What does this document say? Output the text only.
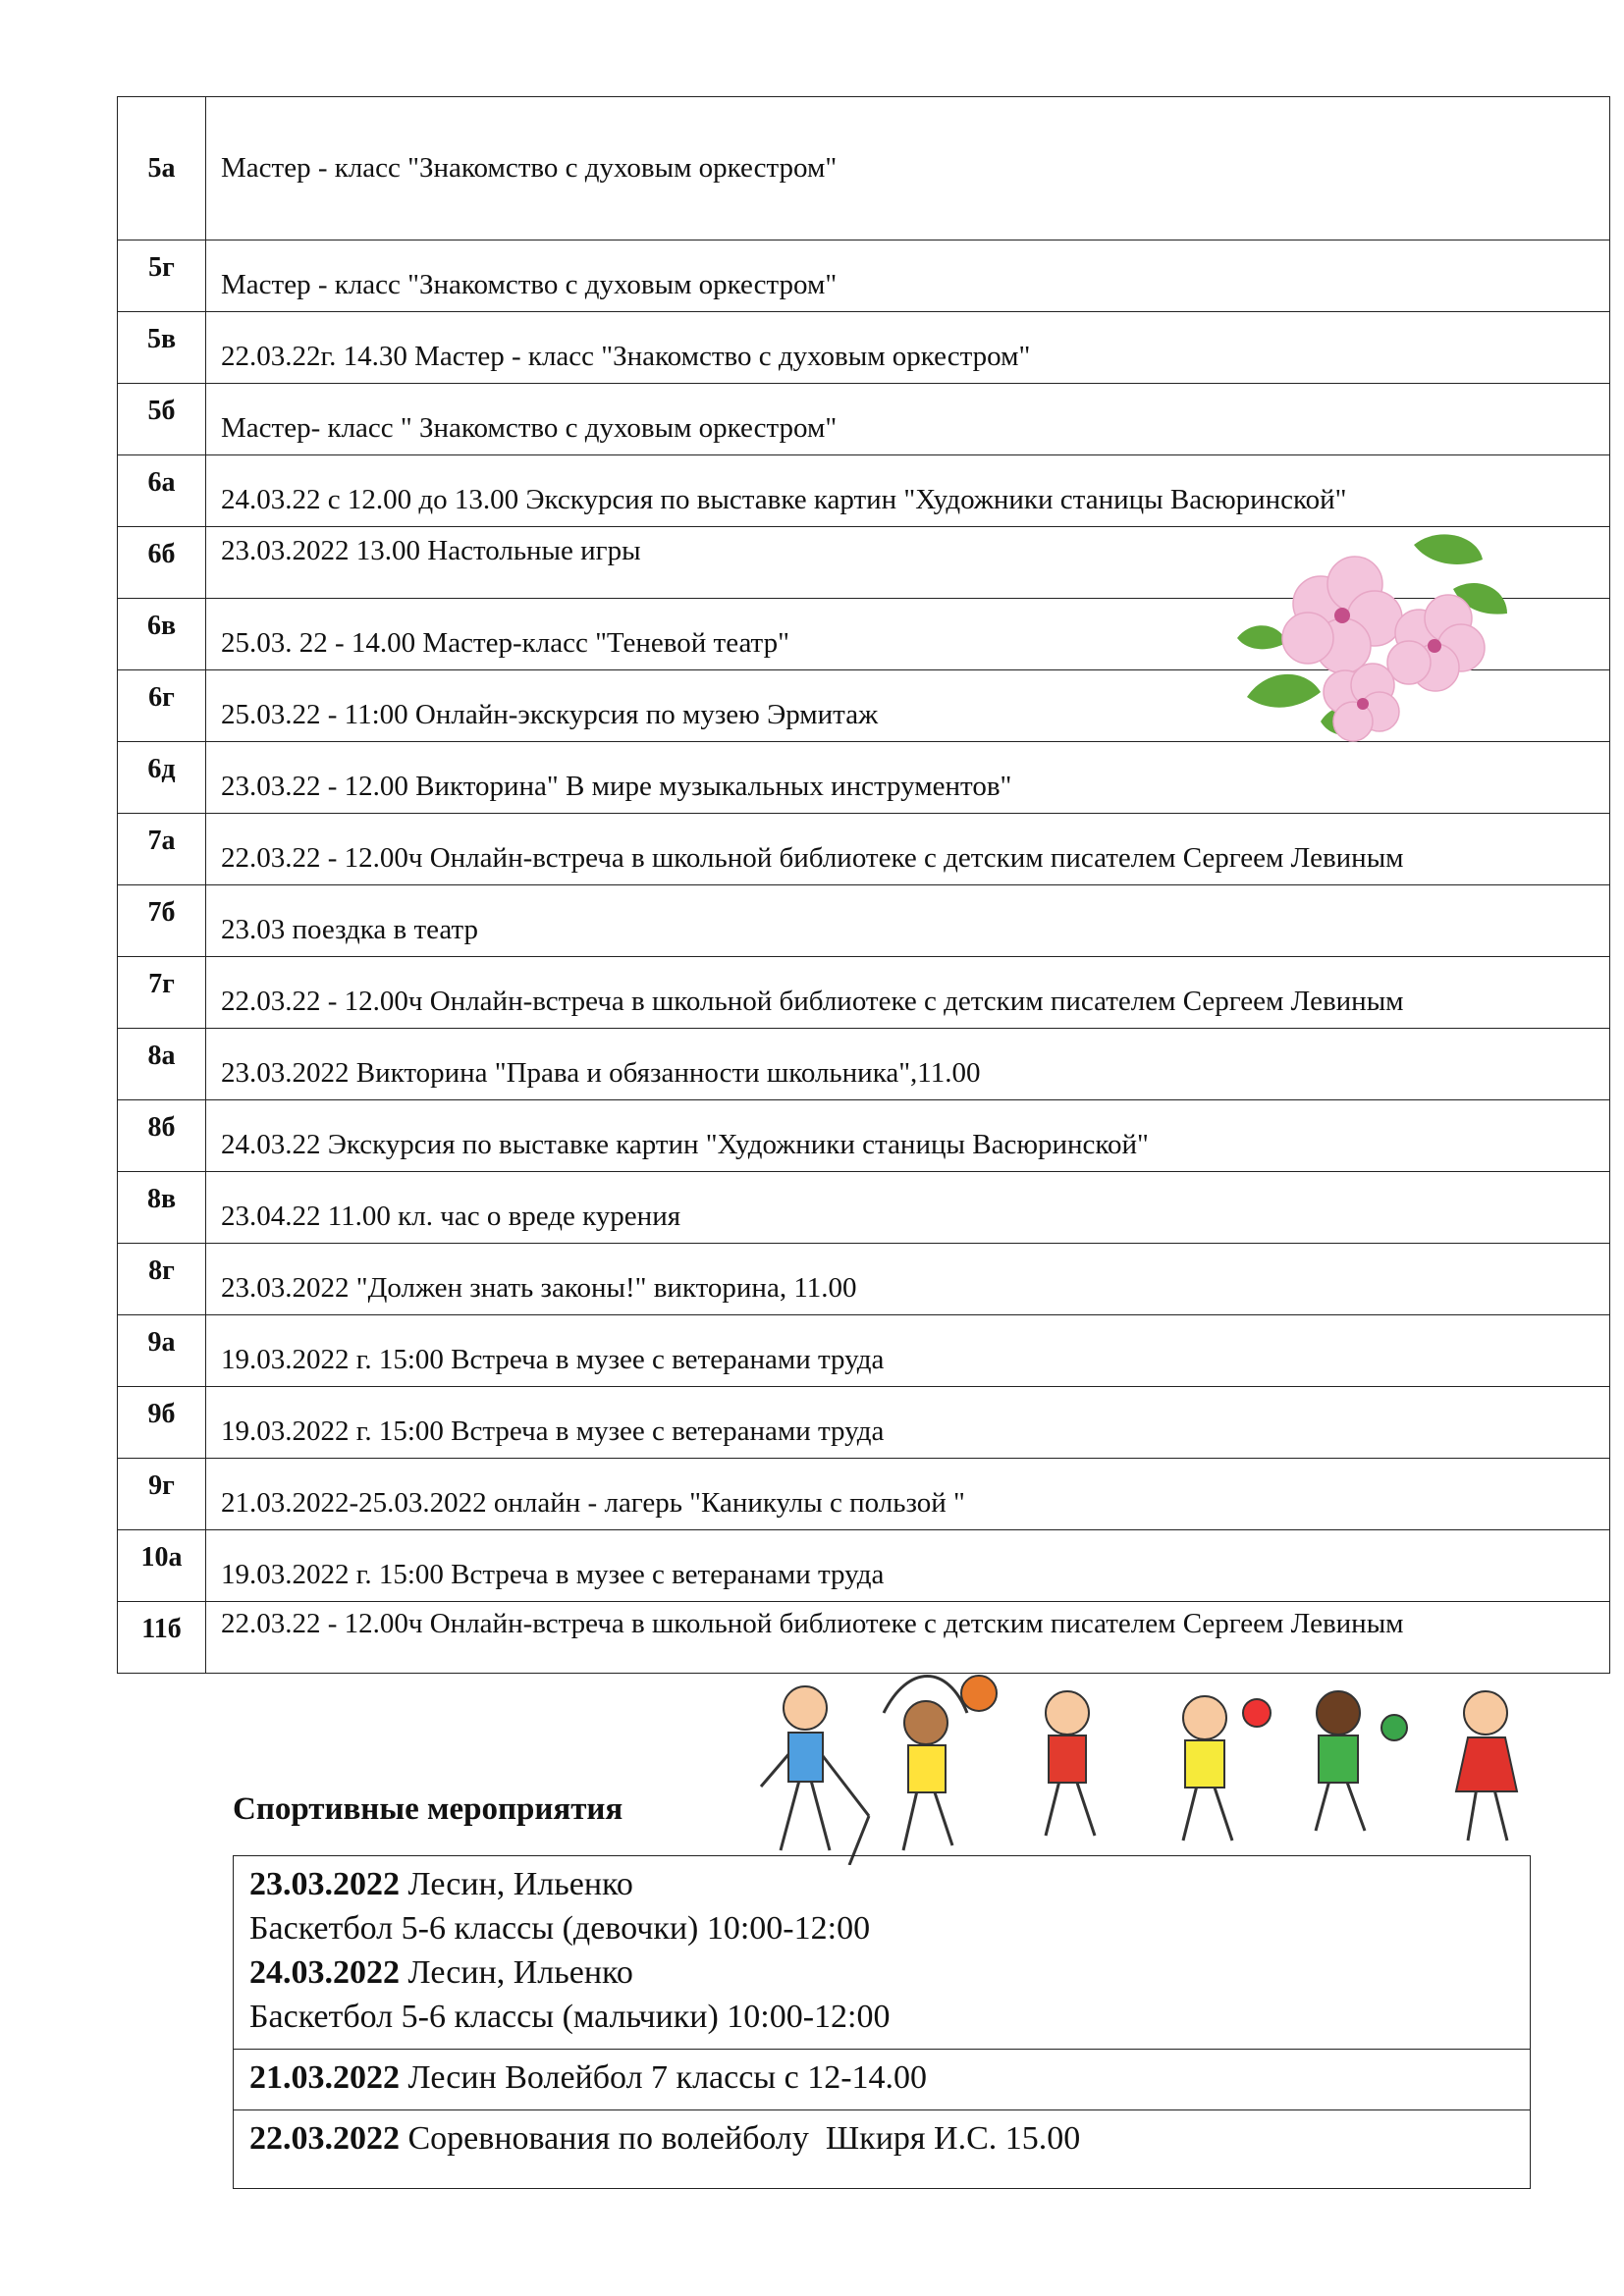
5а	Мастер - класс "Знакомство с духовым оркестром"
5г	Мастер - класс "Знакомство с духовым оркестром"
5в	22.03.22г. 14.30 Мастер - класс "Знакомство с духовым оркестром"
5б	Мастер- класс " Знакомство с духовым оркестром"
6а	24.03.22 с 12.00 до 13.00 Экскурсия по выставке картин "Художники станицы Васюринской"
6б	23.03.2022 13.00 Настольные игры
6в	25.03. 22 - 14.00 Мастер-класс "Теневой театр"
6г	25.03.22 - 11:00 Онлайн-экскурсия по музею Эрмитаж
6д	23.03.22 - 12.00 Викторина" В мире музыкальных инструментов"
7а	22.03.22 - 12.00ч Онлайн-встреча в школьной библиотеке с детским писателем Сергеем Левиным
7б	23.03 поездка в театр
7г	22.03.22 - 12.00ч Онлайн-встреча в школьной библиотеке с детским писателем Сергеем Левиным
8а	23.03.2022 Викторина "Права и обязанности школьника",11.00
8б	24.03.22 Экскурсия по выставке картин "Художники станицы Васюринской"
8в	23.04.22 11.00 кл. час о вреде курения
8г	23.03.2022 "Должен знать законы!" викторина, 11.00
9а	19.03.2022 г. 15:00 Встреча в музее с ветеранами труда
9б	19.03.2022 г. 15:00 Встреча в музее с ветеранами труда
9г	21.03.2022-25.03.2022 онлайн - лагерь "Каникулы с пользой "
10а	19.03.2022 г. 15:00 Встреча в музее с ветеранами труда
11б	22.03.22 - 12.00ч Онлайн-встреча в школьной библиотеке с детским писателем Сергеем Левиным
Спортивные мероприятия
23.03.2022 Лесин, Ильенко
Баскетбол 5-6 классы (девочки) 10:00-12:00
24.03.2022 Лесин, Ильенко
Баскетбол 5-6 классы (мальчики) 10:00-12:00

21.03.2022 Лесин Волейбол 7 классы с 12-14.00

22.03.2022 Соревнования по волейболу  Шкиря И.С. 15.00
